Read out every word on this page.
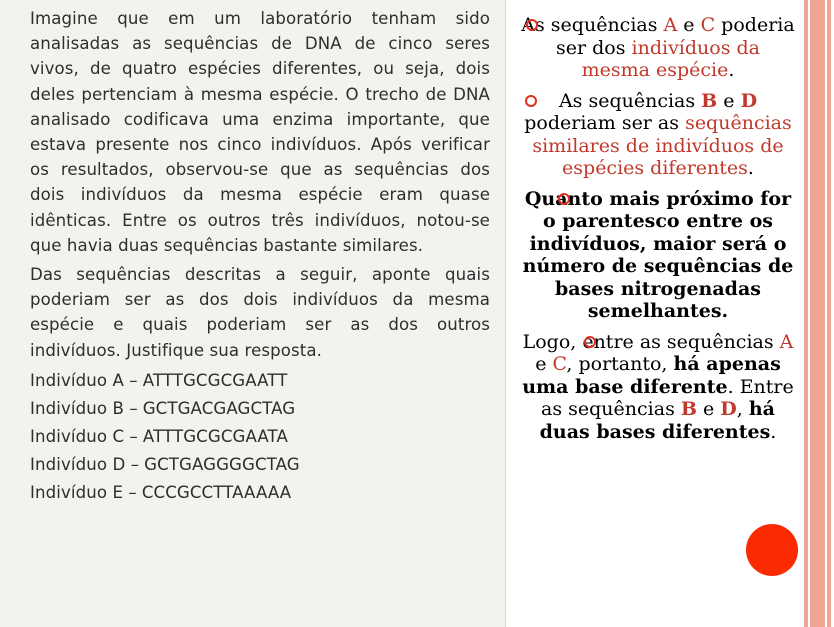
Imagine que em um laboratório tenham sido analisadas as sequências de DNA de cinco seres vivos, de quatro espécies diferentes, ou seja, dois deles pertenciam à mesma espécie. O trecho de DNA analisado codificava uma enzima importante, que estava presente nos cinco indivíduos. Após verificar os resultados, observou-se que as sequências dos dois indivíduos da mesma espécie eram quase idênticas. Entre os outros três indivíduos, notou-se que havia duas sequências bastante similares.

Das sequências descritas a seguir, aponte quais poderiam ser as dos dois indivíduos da mesma espécie e quais poderiam ser as dos outros indivíduos. Justifique sua resposta.

Indivíduo A – ATTTGCGCGAATT
Indivíduo B – GCTGACGAGCTAG
Indivíduo C – ATTTGCGCGAATA
Indivíduo D – GCTGAGGGGCTAG
Indivíduo E – CCCGCCTTAAAAA
As sequências A e C poderia ser dos indivíduos da mesma espécie.
As sequências B e D poderiam ser as sequências similares de indivíduos de espécies diferentes.
Quanto mais próximo for o parentesco entre os indivíduos, maior será o número de sequências de bases nitrogenadas semelhantes.
Logo, entre as sequências A e C, portanto, há apenas uma base diferente. Entre as sequências B e D, há duas bases diferentes.
